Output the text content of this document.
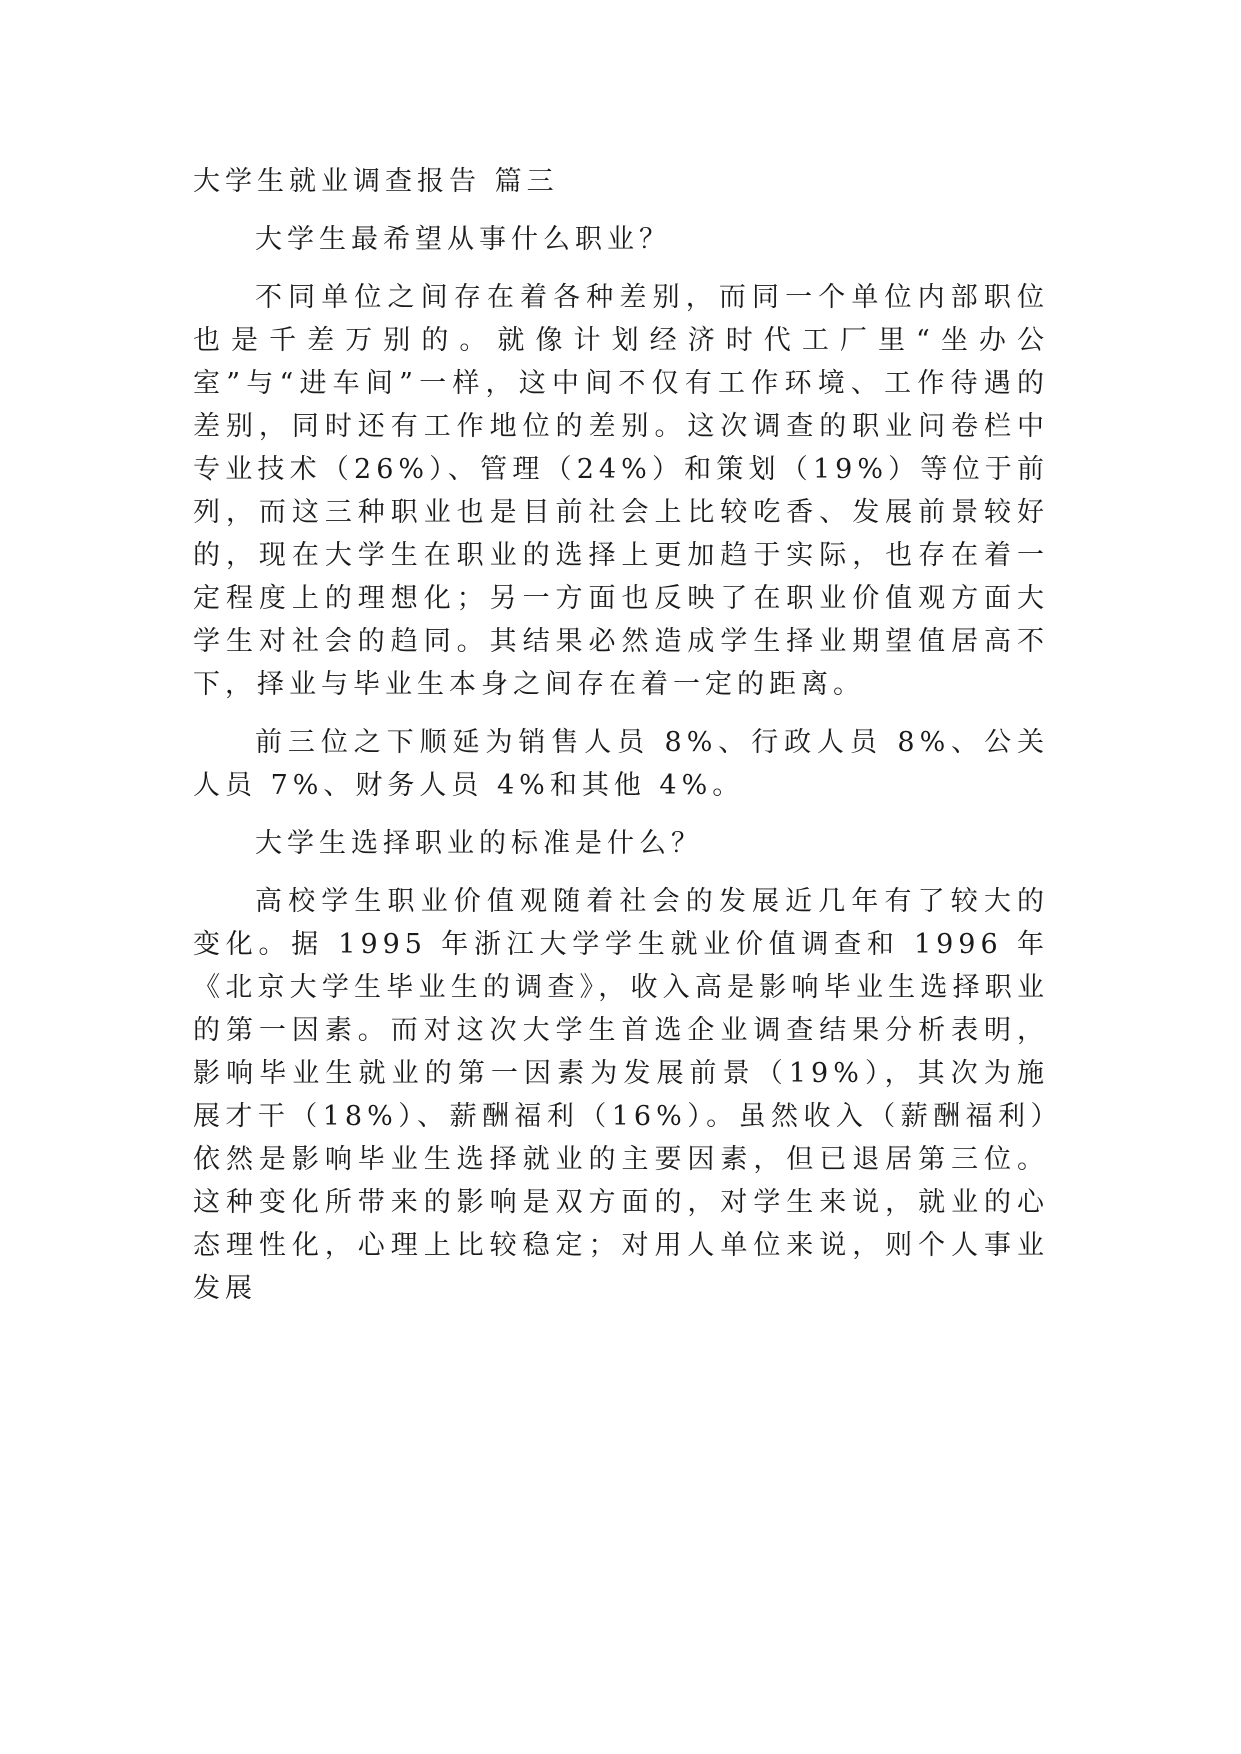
大学生就业调查报告 篇三

大学生最希望从事什么职业？

不同单位之间存在着各种差别，而同一个单位内部职位也是千差万别的。就像计划经济时代工厂里“坐办公室”与“进车间”一样，这中间不仅有工作环境、工作待遇的差别，同时还有工作地位的差别。这次调查的职业问卷栏中专业技术（26%）、管理（24%）和策划（19%）等位于前列，而这三种职业也是目前社会上比较吃香、发展前景较好的，现在大学生在职业的选择上更加趋于实际，也存在着一定程度上的理想化；另一方面也反映了在职业价值观方面大学生对社会的趋同。其结果必然造成学生择业期望值居高不下，择业与毕业生本身之间存在着一定的距离。

前三位之下顺延为销售人员 8%、行政人员 8%、公关人员 7%、财务人员 4%和其他 4%。

大学生选择职业的标准是什么？

高校学生职业价值观随着社会的发展近几年有了较大的变化。据 1995 年浙江大学学生就业价值调查和 1996 年《北京大学生毕业生的调查》，收入高是影响毕业生选择职业的第一因素。而对这次大学生首选企业调查结果分析表明，影响毕业生就业的第一因素为发展前景（19%），其次为施展才干（18%）、薪酬福利（16%）。虽然收入（薪酬福利）依然是影响毕业生选择就业的主要因素，但已退居第三位。这种变化所带来的影响是双方面的，对学生来说，就业的心态理性化，心理上比较稳定；对用人单位来说，则个人事业发展
